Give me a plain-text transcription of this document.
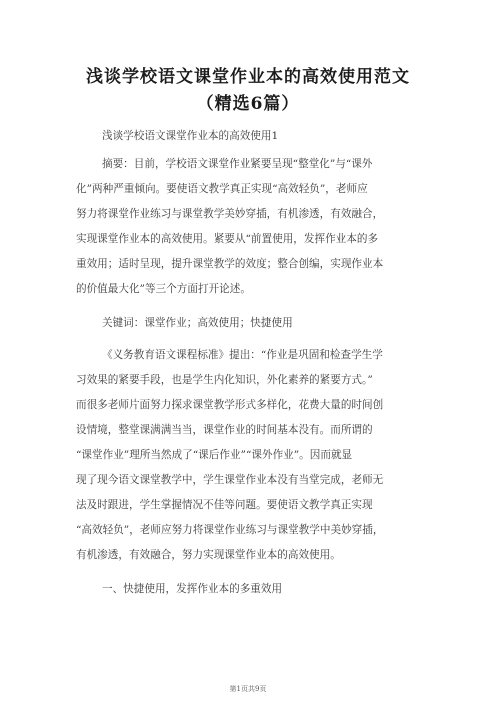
浅谈学校语文课堂作业本的高效使用范文
（精选6篇）
浅谈学校语文课堂作业本的高效使用1
摘要：目前，学校语文课堂作业紧要呈现“整堂化”与“课外
化”两种严重倾向。要使语文教学真正实现“高效轻负”，老师应
努力将课堂作业练习与课堂教学美妙穿插，有机渗透，有效融合，
实现课堂作业本的高效使用。紧要从“前置使用，发挥作业本的多
重效用；适时呈现，提升课堂教学的效度；整合创编，实现作业本
的价值最大化”等三个方面打开论述。
关键词：课堂作业；高效使用；快捷使用
《义务教育语文课程标准》提出：“作业是巩固和检查学生学
习效果的紧要手段，也是学生内化知识，外化素养的紧要方式。”
而很多老师片面努力探求课堂教学形式多样化，花费大量的时间创
设情境，整堂课满满当当，课堂作业的时间基本没有。而所谓的
“课堂作业”理所当然成了“课后作业”“课外作业”。因而就显
现了现今语文课堂教学中，学生课堂作业本没有当堂完成，老师无
法及时跟进，学生掌握情况不佳等问题。要使语文教学真正实现
“高效轻负”，老师应努力将课堂作业练习与课堂教学中美妙穿插，
有机渗透，有效融合，努力实现课堂作业本的高效使用。
一、快捷使用，发挥作业本的多重效用
第1页共9页
